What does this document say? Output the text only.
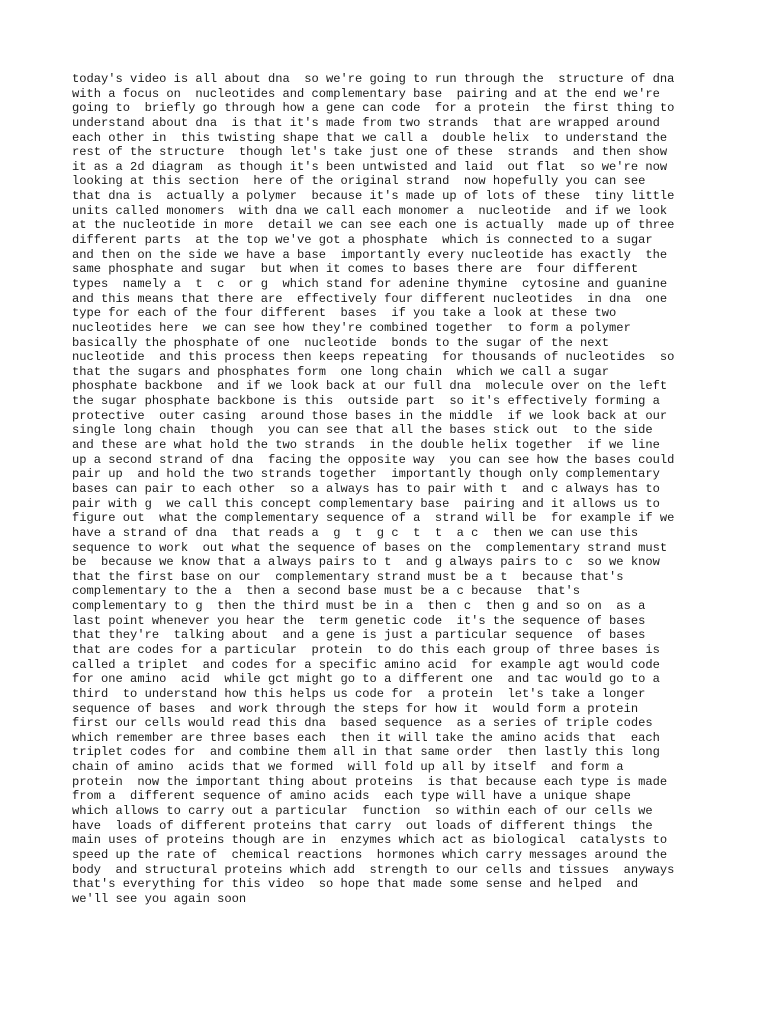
today's video is all about dna  so we're going to run through the  structure of dna
with a focus on  nucleotides and complementary base  pairing and at the end we're
going to  briefly go through how a gene can code  for a protein  the first thing to
understand about dna  is that it's made from two strands  that are wrapped around
each other in  this twisting shape that we call a  double helix  to understand the
rest of the structure  though let's take just one of these  strands  and then show
it as a 2d diagram  as though it's been untwisted and laid  out flat  so we're now
looking at this section  here of the original strand  now hopefully you can see
that dna is  actually a polymer  because it's made up of lots of these  tiny little
units called monomers  with dna we call each monomer a  nucleotide  and if we look
at the nucleotide in more  detail we can see each one is actually  made up of three
different parts  at the top we've got a phosphate  which is connected to a sugar
and then on the side we have a base  importantly every nucleotide has exactly  the
same phosphate and sugar  but when it comes to bases there are  four different
types  namely a  t  c  or g  which stand for adenine thymine  cytosine and guanine
and this means that there are  effectively four different nucleotides  in dna  one
type for each of the four different  bases  if you take a look at these two
nucleotides here  we can see how they're combined together  to form a polymer
basically the phosphate of one  nucleotide  bonds to the sugar of the next
nucleotide  and this process then keeps repeating  for thousands of nucleotides  so
that the sugars and phosphates form  one long chain  which we call a sugar
phosphate backbone  and if we look back at our full dna  molecule over on the left
the sugar phosphate backbone is this  outside part  so it's effectively forming a
protective  outer casing  around those bases in the middle  if we look back at our
single long chain  though  you can see that all the bases stick out  to the side
and these are what hold the two strands  in the double helix together  if we line
up a second strand of dna  facing the opposite way  you can see how the bases could
pair up  and hold the two strands together  importantly though only complementary
bases can pair to each other  so a always has to pair with t  and c always has to
pair with g  we call this concept complementary base  pairing and it allows us to
figure out  what the complementary sequence of a  strand will be  for example if we
have a strand of dna  that reads a  g  t  g c  t  t  a c  then we can use this
sequence to work  out what the sequence of bases on the  complementary strand must
be  because we know that a always pairs to t  and g always pairs to c  so we know
that the first base on our  complementary strand must be a t  because that's
complementary to the a  then a second base must be a c because  that's
complementary to g  then the third must be in a  then c  then g and so on  as a
last point whenever you hear the  term genetic code  it's the sequence of bases
that they're  talking about  and a gene is just a particular sequence  of bases
that are codes for a particular  protein  to do this each group of three bases is
called a triplet  and codes for a specific amino acid  for example agt would code
for one amino  acid  while gct might go to a different one  and tac would go to a
third  to understand how this helps us code for  a protein  let's take a longer
sequence of bases  and work through the steps for how it  would form a protein
first our cells would read this dna  based sequence  as a series of triple codes
which remember are three bases each  then it will take the amino acids that  each
triplet codes for  and combine them all in that same order  then lastly this long
chain of amino  acids that we formed  will fold up all by itself  and form a
protein  now the important thing about proteins  is that because each type is made
from a  different sequence of amino acids  each type will have a unique shape
which allows to carry out a particular  function  so within each of our cells we
have  loads of different proteins that carry  out loads of different things  the
main uses of proteins though are in  enzymes which act as biological  catalysts to
speed up the rate of  chemical reactions  hormones which carry messages around the
body  and structural proteins which add  strength to our cells and tissues  anyways
that's everything for this video  so hope that made some sense and helped  and
we'll see you again soon
